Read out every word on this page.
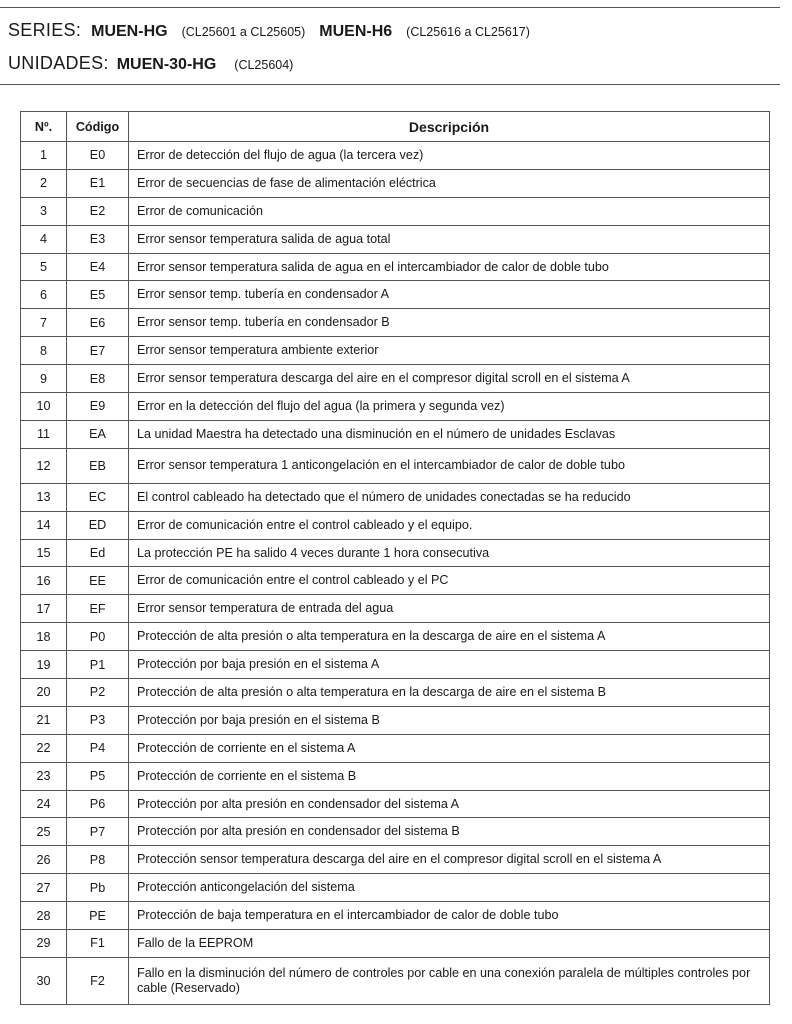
SERIES: MUEN-HG (CL25601 a CL25605) MUEN-H6 (CL25616 a CL25617)
UNIDADES: MUEN-30-HG (CL25604)
Nº.	Código	Descripción
1	E0	Error de detección del flujo de agua (la tercera vez)
2	E1	Error de secuencias de fase de alimentación eléctrica
3	E2	Error de comunicación
4	E3	Error sensor temperatura salida de agua total
5	E4	Error sensor temperatura salida de agua en el intercambiador de calor de doble tubo
6	E5	Error sensor temp. tubería en condensador A
7	E6	Error sensor temp. tubería en condensador B
8	E7	Error sensor temperatura ambiente exterior
9	E8	Error sensor temperatura descarga del aire en el compresor digital scroll en el sistema A
10	E9	Error en la detección del flujo del agua (la primera y segunda vez)
11	EA	La unidad Maestra ha detectado una disminución en el número de unidades Esclavas
12	EB	Error sensor temperatura 1 anticongelación en el intercambiador de calor de doble tubo
13	EC	El control cableado ha detectado que el número de unidades conectadas se ha reducido
14	ED	Error de comunicación entre el control cableado y el equipo.
15	Ed	La protección PE ha salido 4 veces durante 1 hora consecutiva
16	EE	Error de comunicación entre el control cableado y el PC
17	EF	Error sensor temperatura de entrada del agua
18	P0	Protección de alta presión o alta temperatura en la descarga de aire en el sistema A
19	P1	Protección por baja presión en el sistema A
20	P2	Protección de alta presión o alta temperatura en la descarga de aire en el sistema B
21	P3	Protección por baja presión en el sistema B
22	P4	Protección de corriente en el sistema A
23	P5	Protección de corriente en el sistema B
24	P6	Protección por alta presión en condensador del sistema A
25	P7	Protección por alta presión en condensador del sistema B
26	P8	Protección sensor temperatura descarga del aire en el compresor digital scroll en el sistema A
27	Pb	Protección anticongelación del sistema
28	PE	Protección de baja temperatura en el intercambiador de calor de doble tubo
29	F1	Fallo de la EEPROM
30	F2	Fallo en la disminución del número de controles por cable en una conexión paralela de múltiples controles por cable (Reservado)
